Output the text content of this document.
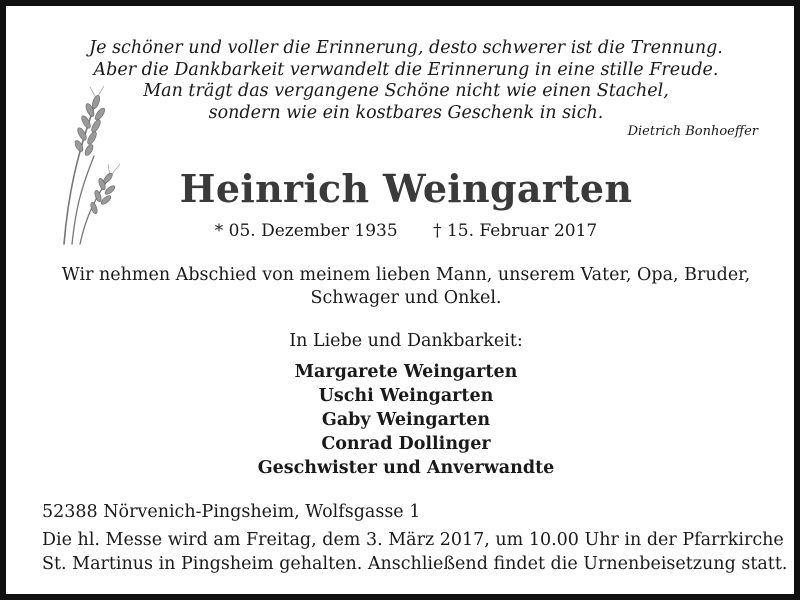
Je schöner und voller die Erinnerung, desto schwerer ist die Trennung.
Aber die Dankbarkeit verwandelt die Erinnerung in eine stille Freude.
Man trägt das vergangene Schöne nicht wie einen Stachel,
sondern wie ein kostbares Geschenk in sich.
Dietrich Bonhoeffer
Heinrich Weingarten
* 05. Dezember 1935 † 15. Februar 2017
Wir nehmen Abschied von meinem lieben Mann, unserem Vater, Opa, Bruder,
Schwager und Onkel.
In Liebe und Dankbarkeit:
Margarete Weingarten
Uschi Weingarten
Gaby Weingarten
Conrad Dollinger
Geschwister und Anverwandte
52388 Nörvenich-Pingsheim, Wolfsgasse 1
Die hl. Messe wird am Freitag, dem 3. März 2017, um 10.00 Uhr in der Pfarrkirche
St. Martinus in Pingsheim gehalten. Anschließend findet die Urnenbeisetzung statt.
